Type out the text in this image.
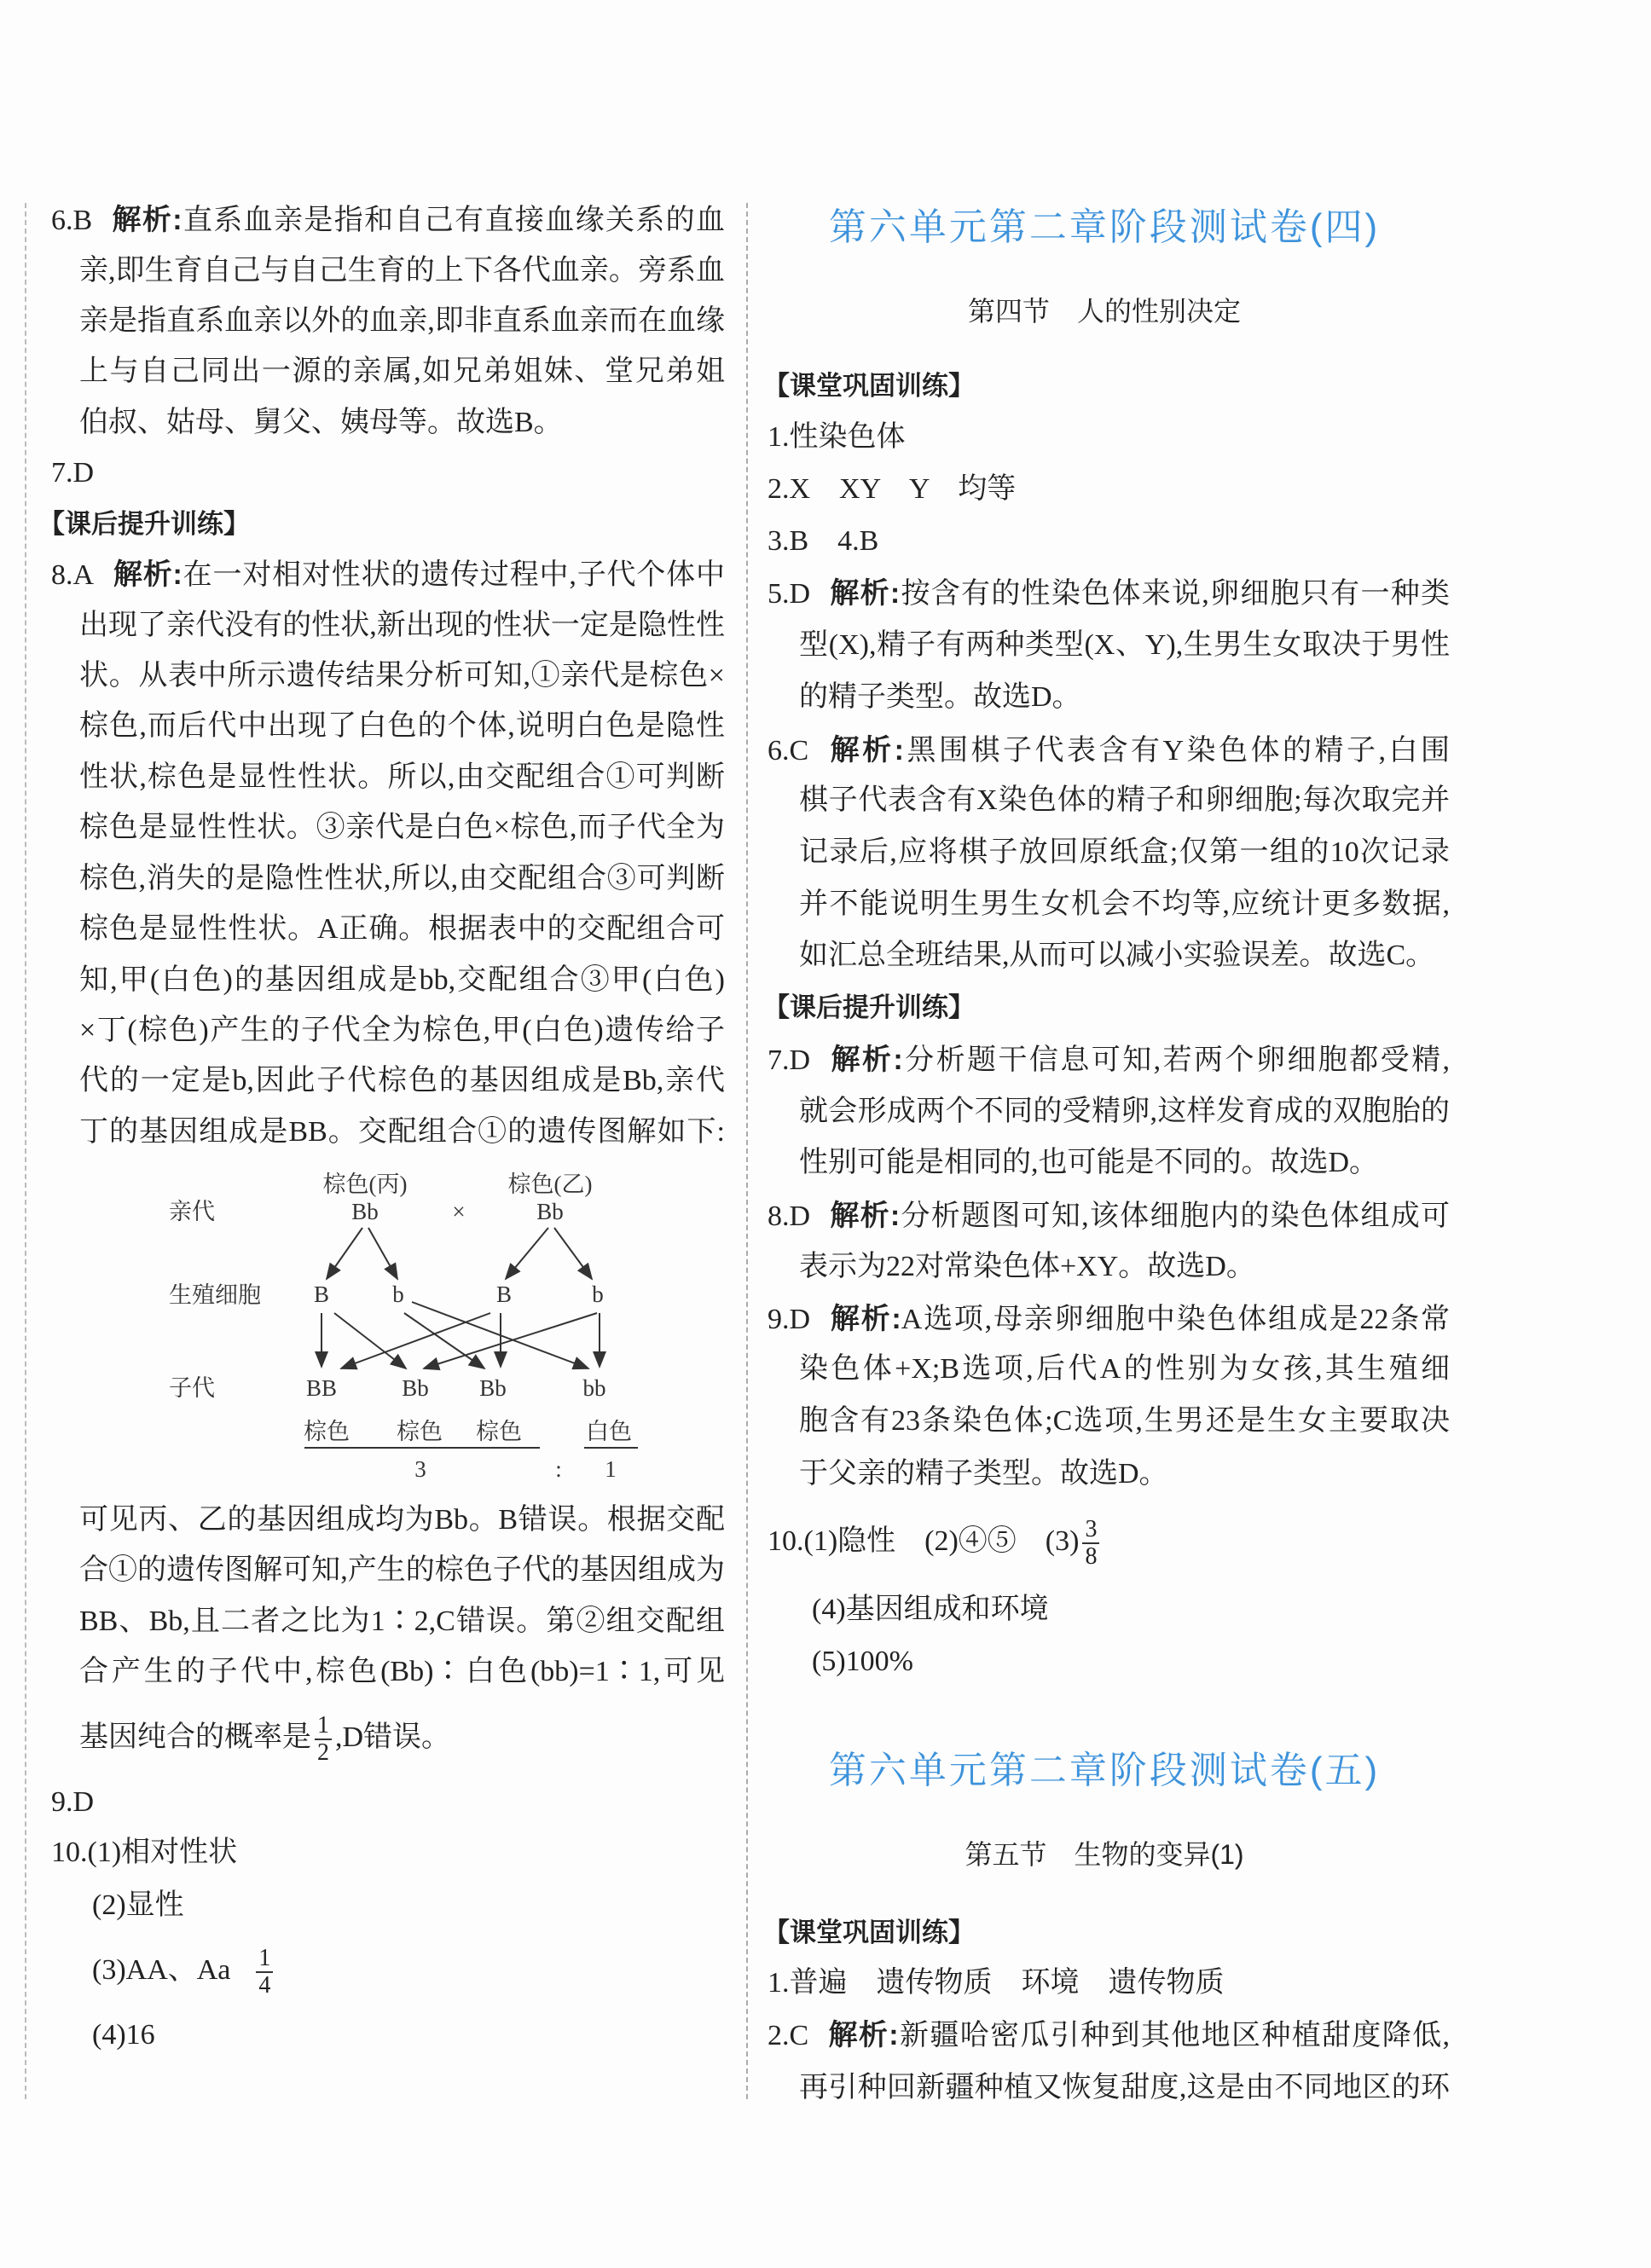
6.B 解析:直系血亲是指和自己有直接血缘关系的血
亲,即生育自己与自己生育的上下各代血亲。旁系血
亲是指直系血亲以外的血亲,即非直系血亲而在血缘
上与自己同出一源的亲属,如兄弟姐妹、堂兄弟姐
伯叔、姑母、舅父、姨母等。故选B。
7.D
【课后提升训练】
8.A 解析:在一对相对性状的遗传过程中,子代个体中
出现了亲代没有的性状,新出现的性状一定是隐性性
状。从表中所示遗传结果分析可知,①亲代是棕色×
棕色,而后代中出现了白色的个体,说明白色是隐性
性状,棕色是显性性状。所以,由交配组合①可判断
棕色是显性性状。③亲代是白色×棕色,而子代全为
棕色,消失的是隐性性状,所以,由交配组合③可判断
棕色是显性性状。A正确。根据表中的交配组合可
知,甲(白色)的基因组成是bb,交配组合③甲(白色)
×丁(棕色)产生的子代全为棕色,甲(白色)遗传给子
代的一定是b,因此子代棕色的基因组成是Bb,亲代
丁的基因组成是BB。交配组合①的遗传图解如下:
亲代
生殖细胞
子代
棕色(丙)
Bb	×
棕色(乙)
Bb
B	b	B	b
BB	Bb Bb	bb
棕色 棕色 棕色	白色
3	: 1
可见丙、乙的基因组成均为Bb。B错误。根据交配
合①的遗传图解可知,产生的棕色子代的基因组成为
BB、Bb,且二者之比为1∶2,C错误。第②组交配组
合产生的子代中,棕色(Bb)∶白色(bb)=1∶1,可见
基因纯合的概率是 $\frac{1}{2} ,D$错误。
9.D
10.(1)相对性状
(2)显性
(3)AA、Aa $\frac{1}{4}$
(4)16
第六单元第二章阶段测试卷(四)
第四节　人的性别决定
【课堂巩固训练】
1.性染色体
2.X　XY　Y　均等
3.B　4.B
5.D 解析:按含有的性染色体来说,卵细胞只有一种类
型(X),精子有两种类型(X、Y),生男生女取决于男性
的精子类型。故选D。
6.C 解析:黑围棋子代表含有Y染色体的精子,白围
棋子代表含有X染色体的精子和卵细胞;每次取完并
记录后,应将棋子放回原纸盒;仅第一组的10次记录
并不能说明生男生女机会不均等,应统计更多数据,
如汇总全班结果,从而可以减小实验误差。故选C。
【课后提升训练】
7.D 解析:分析题干信息可知,若两个卵细胞都受精,
就会形成两个不同的受精卵,这样发育成的双胞胎的
性别可能是相同的,也可能是不同的。故选D。
8.D 解析:分析题图可知,该体细胞内的染色体组成可
表示为22对常染色体+XY。故选D。
9.D 解析:A选项,母亲卵细胞中染色体组成是22条常
染色体+X;B选项,后代A的性别为女孩,其生殖细
胞含有23条染色体;C选项,生男还是生女主要取决
于父亲的精子类型。故选D。
10.(1)隐性　(2)④⑤　$(3) \frac{3}{8}$
(4)基因组成和环境
(5)100%
第六单元第二章阶段测试卷(五)
第五节　生物的变异(1)
【课堂巩固训练】
1.普遍　遗传物质　环境　遗传物质
2.C 解析:新疆哈密瓜引种到其他地区种植甜度降低,
再引种回新疆种植又恢复甜度,这是由不同地区的环
